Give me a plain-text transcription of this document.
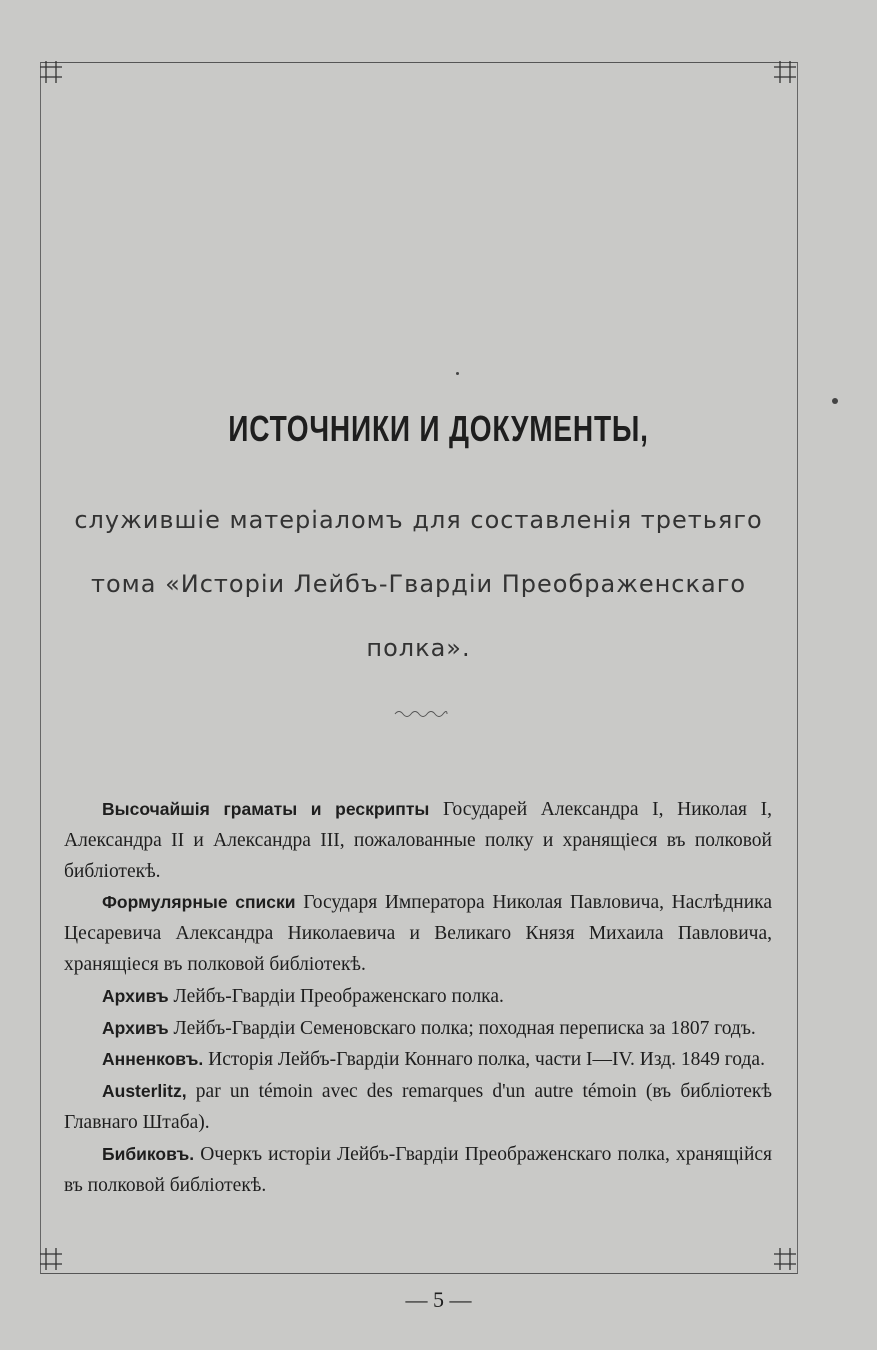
ИСТОЧНИКИ И ДОКУМЕНТЫ,
служившіе матеріаломъ для составленія третьяго
тома «Исторіи Лейбъ-Гвардіи Преображенскаго
полка».

Высочайшія граматы и рескрипты Государей Александра I, Николая I, Александра II и Александра III, пожалованные полку и хранящіеся въ полковой библіотекѣ.

Формулярные списки Государя Императора Николая Павловича, Наслѣдника Цесаревича Александра Николаевича и Великаго Князя Михаила Павловича, хранящіеся въ полковой библіотекѣ.

Архивъ Лейбъ-Гвардіи Преображенскаго полка.

Архивъ Лейбъ-Гвардіи Семеновскаго полка; походная переписка за 1807 годъ.

Анненковъ. Исторія Лейбъ-Гвардіи Коннаго полка, части I—IV. Изд. 1849 года.

Austerlitz, par un témoin avec des remarques d'un autre témoin (въ библіотекѣ Главнаго Штаба).

Бибиковъ. Очеркъ исторіи Лейбъ-Гвардіи Преображенскаго полка, хранящійся въ полковой библіотекѣ.

— 5 —
